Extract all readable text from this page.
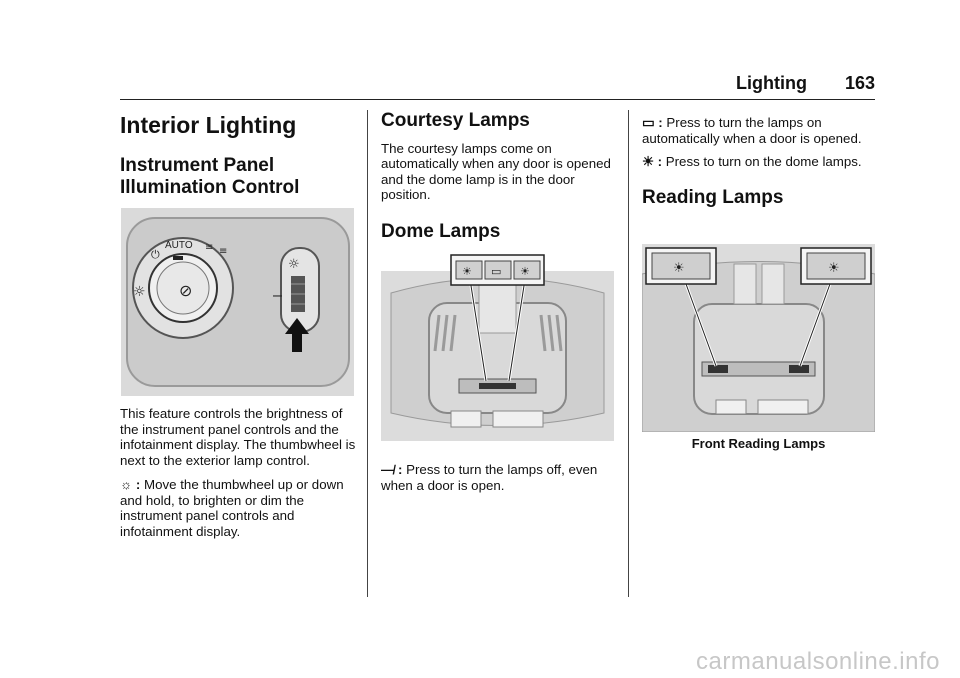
Lighting 163
Interior Lighting
Instrument Panel Illumination Control
⊘
☼
⏻
AUTO ≡ ≡
☼
–

This feature controls the brightness of the instrument panel controls and the infotainment display. The thumbwheel is next to the exterior lamp control.

☼ : Move the thumbwheel up or down and hold, to brighten or dim the instrument panel controls and infotainment display.

Courtesy Lamps

The courtesy lamps come on automatically when any door is opened and the dome lamp is in the door position.

Dome Lamps
☀ ▭ ☀

—̸ : Press to turn the lamps off, even when a door is open.

▭ : Press to turn the lamps on automatically when a door is opened.

☀ : Press to turn on the dome lamps.

Reading Lamps
☀	☀
Front Reading Lamps
carmanualsonline.info
